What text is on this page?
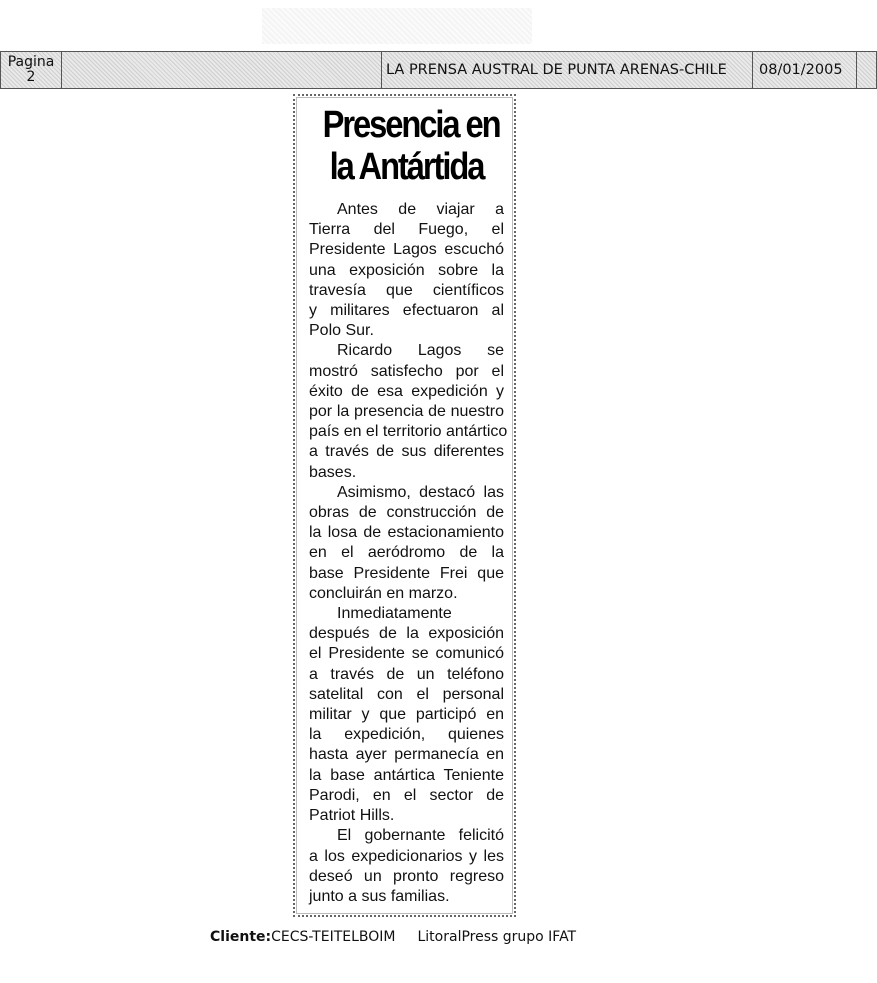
Pagina
2	LA PRENSA AUSTRAL DE PUNTA ARENAS-CHILE	08/01/2005
Presencia en
la Antártida
Antes de viajar a
Tierra del Fuego, el
Presidente Lagos escuchó
una exposición sobre la
travesía que científicos
y militares efectuaron al
Polo Sur.
Ricardo Lagos se
mostró satisfecho por el
éxito de esa expedición y
por la presencia de nuestro
país en el territorio antártico
a través de sus diferentes
bases.
Asimismo, destacó las
obras de construcción de
la losa de estacionamiento
en el aeródromo de la
base Presidente Frei que
concluirán en marzo.
Inmediatamente
después de la exposición
el Presidente se comunicó
a través de un teléfono
satelital con el personal
militar y que participó en
la expedición, quienes
hasta ayer permanecía en
la base antártica Teniente
Parodi, en el sector de
Patriot Hills.
El gobernante felicitó
a los expedicionarios y les
deseó un pronto regreso
junto a sus familias.
Cliente:CECS-TEITELBOIM LitoralPress grupo IFAT
